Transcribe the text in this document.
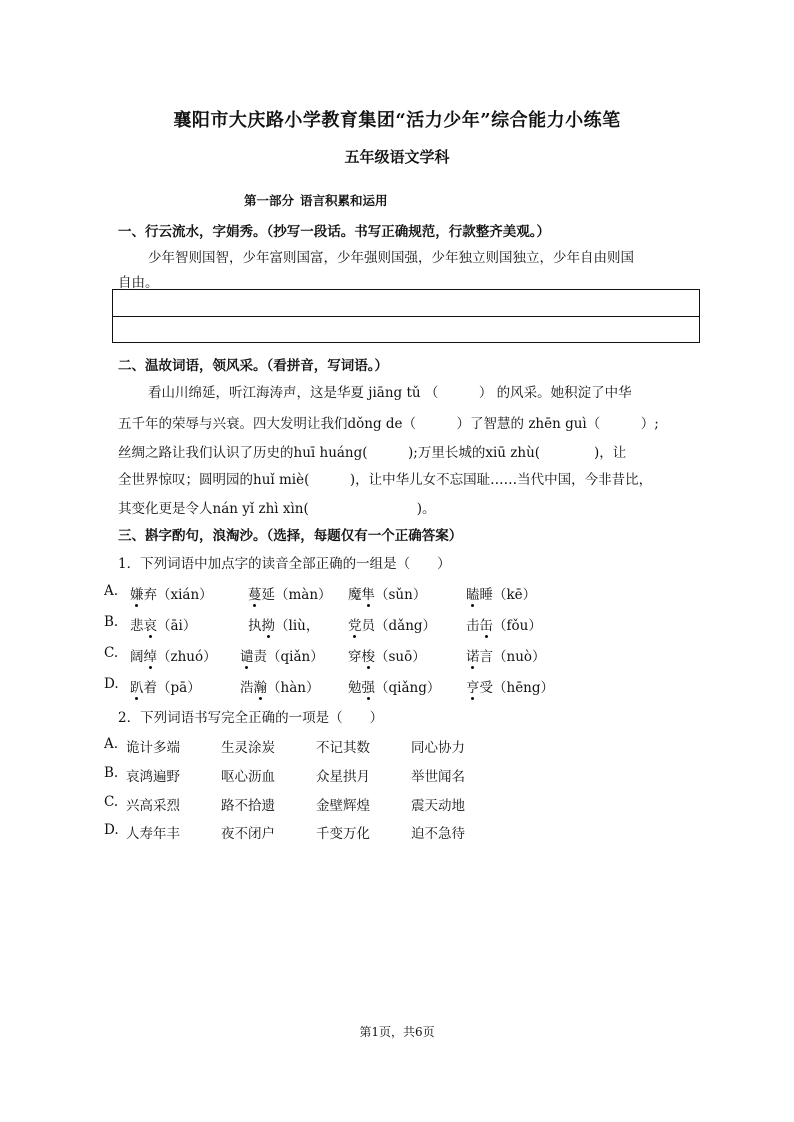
襄阳市大庆路小学教育集团“活力少年”综合能力小练笔
五年级语文学科
第一部分 语言积累和运用
一、行云流水，字娟秀。（抄写一段话。书写正确规范，行款整齐美观。）
少年智则国智，少年富则国富，少年强则国强，少年独立则国独立，少年自由则国
自由。
二、温故词语，领风采。（看拼音，写词语。）
看山川绵延，听江海涛声，这是华夏 jiāng tǔ （　　　） 的风采。她积淀了中华
五千年的荣辱与兴衰。四大发明让我们dǒng de（　　　）了智慧的 zhēn guì（　　　）;
丝绸之路让我们认识了历史的huī huáng(　　　);万里长城的xiū zhù(　　　　)，让
全世界惊叹；圆明园的huǐ miè(　　　)，让中华儿女不忘国耻……当代中国，今非昔比，
其变化更是令人nán yǐ zhì xìn(　　　　　　　　)。
三、斟字酌句，浪淘沙。（选择，每题仅有一个正确答案）
1．下列词语中加点字的读音全部正确的一组是（　　）
A. 嫌弃（xián）	蔓延（màn） 魔隼（sǔn）	瞌睡（kē）
B. 悲哀（āi）	执拗（liù， 党员（dǎng） 击缶（fǒu）
C. 阔绰（zhuó） 谴责（qiǎn） 穿梭（suō）	诺言（nuò）
D. 趴着（pā）	浩瀚（hàn） 勉强（qiǎng） 亨受（hēng）
2．下列词语书写完全正确的一项是（　　）
A. 诡计多端	生灵涂炭	不记其数	同心协力
B. 哀鸿遍野	呕心沥血	众星拱月	举世闻名
C. 兴高采烈	路不拾遗	金壁辉煌	震天动地
D. 人寿年丰	夜不闭户	千变万化	迫不急待
第1页，共6页
